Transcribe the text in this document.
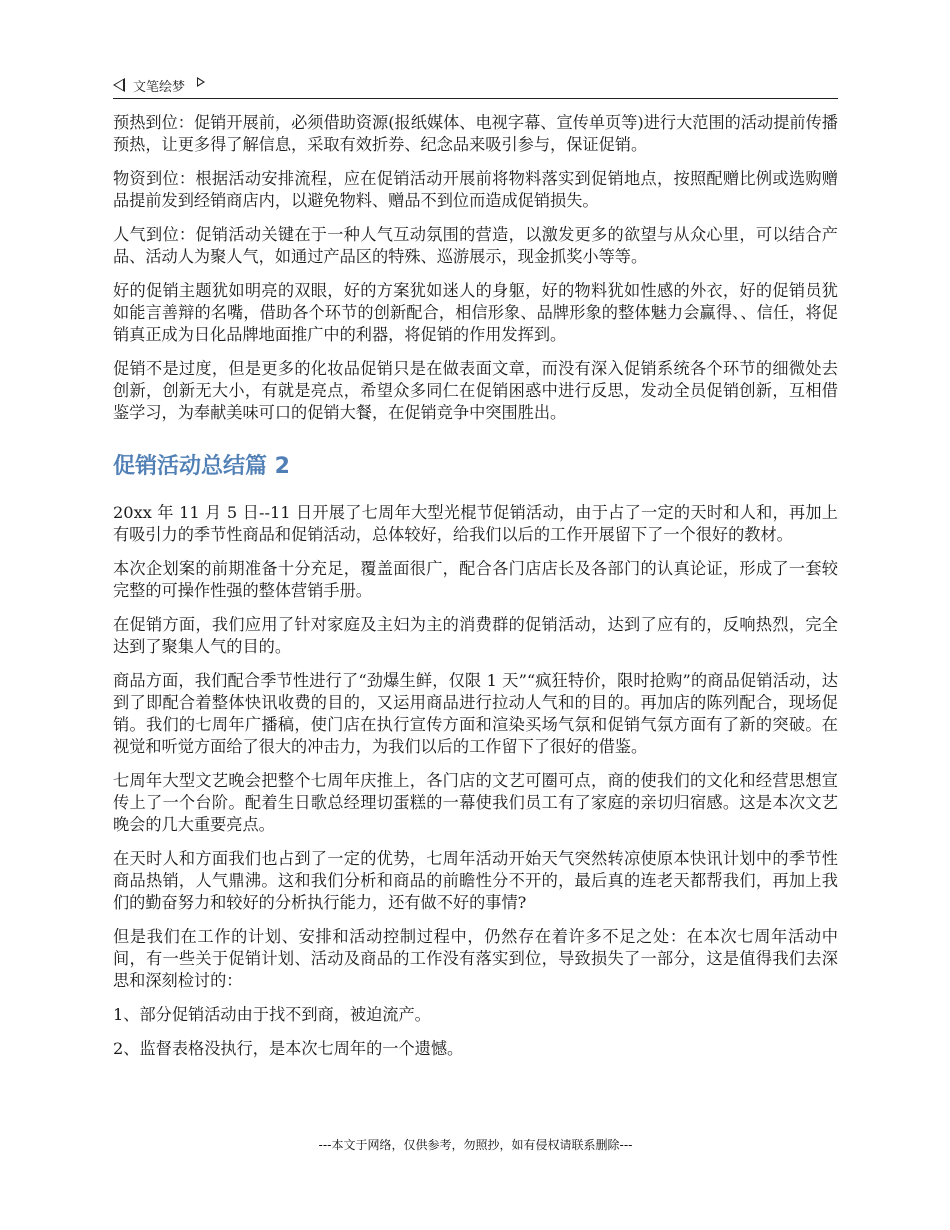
文笔绘梦

预热到位：促销开展前，必须借助资源(报纸媒体、电视字幕、宣传单页等)进行大范围的活动提前传播预热，让更多得了解信息，采取有效折券、纪念品来吸引参与，保证促销。

物资到位：根据活动安排流程，应在促销活动开展前将物料落实到促销地点，按照配赠比例或选购赠品提前发到经销商店内，以避免物料、赠品不到位而造成促销损失。

人气到位：促销活动关键在于一种人气互动氛围的营造，以激发更多的欲望与从众心里，可以结合产品、活动人为聚人气，如通过产品区的特殊、巡游展示，现金抓奖小等等。

好的促销主题犹如明亮的双眼，好的方案犹如迷人的身躯，好的物料犹如性感的外衣，好的促销员犹如能言善辩的名嘴，借助各个环节的创新配合，相信形象、品牌形象的整体魅力会赢得、、信任，将促销真正成为日化品牌地面推广中的利器，将促销的作用发挥到。

促销不是过度，但是更多的化妆品促销只是在做表面文章，而没有深入促销系统各个环节的细微处去创新，创新无大小，有就是亮点，希望众多同仁在促销困惑中进行反思，发动全员促销创新，互相借鉴学习，为奉献美味可口的促销大餐，在促销竞争中突围胜出。

促销活动总结篇 2

20xx 年 11 月 5 日--11 日开展了七周年大型光棍节促销活动，由于占了一定的天时和人和，再加上有吸引力的季节性商品和促销活动，总体较好，给我们以后的工作开展留下了一个很好的教材。

本次企划案的前期准备十分充足，覆盖面很广，配合各门店店长及各部门的认真论证，形成了一套较完整的可操作性强的整体营销手册。

在促销方面，我们应用了针对家庭及主妇为主的消费群的促销活动，达到了应有的，反响热烈，完全达到了聚集人气的目的。

商品方面，我们配合季节性进行了“劲爆生鲜，仅限 1 天”“疯狂特价，限时抢购”的商品促销活动，达到了即配合着整体快讯收费的目的，又运用商品进行拉动人气和的目的。再加店的陈列配合，现场促销。我们的七周年广播稿，使门店在执行宣传方面和渲染买场气氛和促销气氛方面有了新的突破。在视觉和听觉方面给了很大的冲击力，为我们以后的工作留下了很好的借鉴。

七周年大型文艺晚会把整个七周年庆推上，各门店的文艺可圈可点，商的使我们的文化和经营思想宣传上了一个台阶。配着生日歌总经理切蛋糕的一幕使我们员工有了家庭的亲切归宿感。这是本次文艺晚会的几大重要亮点。

在天时人和方面我们也占到了一定的优势，七周年活动开始天气突然转凉使原本快讯计划中的季节性商品热销，人气鼎沸。这和我们分析和商品的前瞻性分不开的，最后真的连老天都帮我们，再加上我们的勤奋努力和较好的分析执行能力，还有做不好的事情?

但是我们在工作的计划、安排和活动控制过程中，仍然存在着许多不足之处：在本次七周年活动中间，有一些关于促销计划、活动及商品的工作没有落实到位，导致损失了一部分，这是值得我们去深思和深刻检讨的：

1、部分促销活动由于找不到商，被迫流产。

2、监督表格没执行，是本次七周年的一个遗憾。

---本文于网络，仅供参考，勿照抄，如有侵权请联系删除---
